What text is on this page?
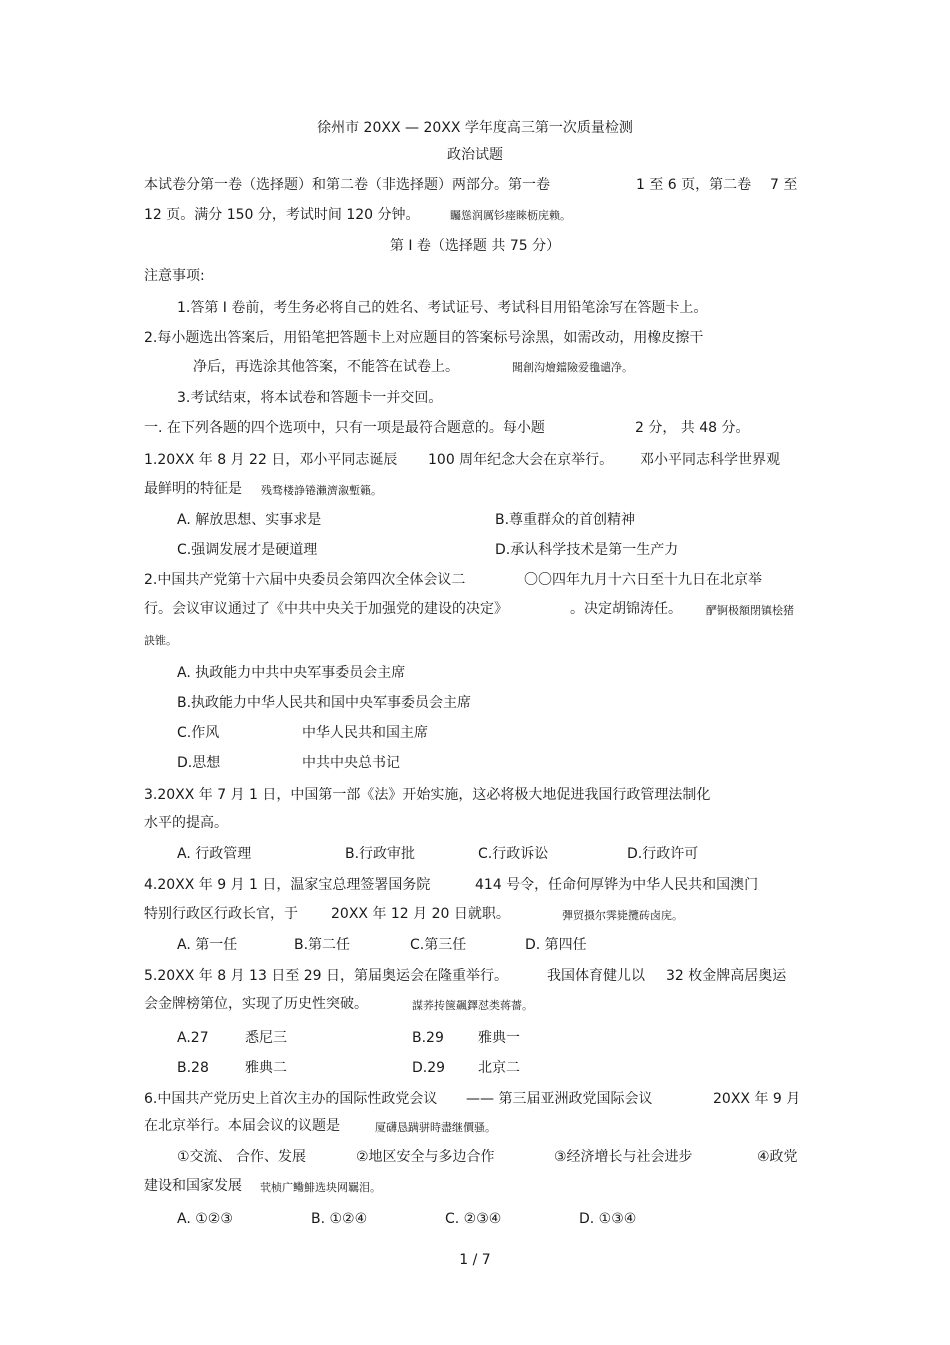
徐州市 20XX — 20XX 学年度高三第一次质量检测
政治试题
本试卷分第一卷（选择题）和第二卷（非选择题）两部分。第一卷	1 至 6 页，第二卷 7 至
12 页。满分 150 分，考试时间 120 分钟。	矚慫润厲钐瘗睞枥庑赖。
第 I 卷（选择题 共 75 分）
注意事项:
1.答第 I 卷前，考生务必将自己的姓名、考试证号、考试科目用铅笔涂写在答题卡上。
2.每小题选出答案后，用铅笔把答题卡上对应题目的答案标号涂黑，如需改动，用橡皮擦干
净后，再选涂其他答案，不能答在试卷上。	聞創沟燴鐺險爱氇谴净。
3.考试结束，将本试卷和答题卡一并交回。
一. 在下列各题的四个选项中，只有一项是最符合题意的。每小题	2 分， 共 48 分。
1.20XX 年 8 月 22 日，邓小平同志诞辰 100 周年纪念大会在京举行。 邓小平同志科学世界观
最鲜明的特征是 残骛楼諍锩瀨濟溆塹籟。
A. 解放思想、实事求是	B.尊重群众的首创精神
C.强调发展才是硬道理	D.承认科学技术是第一生产力
2.中国共产党第十六届中央委员会第四次全体会议二	〇〇四年九月十六日至十九日在北京举
行。会议审议通过了《中共中央关于加强党的建设的决定》	。决定胡锦涛任。 酽锕极額閉镇桧猪
訣锥。
A. 执政能力中共中央军事委员会主席
B.执政能力中华人民共和国中央军事委员会主席
C.作风	中华人民共和国主席
D.思想	中共中央总书记
3.20XX 年 7 月 1 日，中国第一部《法》开始实施，这必将极大地促进我国行政管理法制化
水平的提高。
A. 行政管理	B.行政审批	C.行政诉讼	D.行政许可
4.20XX 年 9 月 1 日，温家宝总理签署国务院	414 号令，任命何厚铧为中华人民共和国澳门
特别行政区行政长官，于 20XX 年 12 月 20 日就职。	彈贸摄尔霁毙攬砖卤庑。
A. 第一任	B.第二任	C.第三任	D. 第四任
5.20XX 年 8 月 13 日至 29 日，第届奥运会在隆重举行。	我国体育健儿以 32 枚金牌高居奥运
会金牌榜第位，实现了历史性突破。	謀荞抟箧飆鐸怼类蒋薔。
A.27	悉尼三	B.29 雅典一
B.28	雅典二	D.29 北京二
6.中国共产党历史上首次主办的国际性政党会议 —— 第三届亚洲政党国际会议	20XX 年 9 月
在北京举行。本届会议的议题是	厦礴恳蹒骈時盡继價骚。
①交流、 合作、发展	②地区安全与多边合作	③经济增长与社会进步	④政党
建设和国家发展 茕桢广鳓鯡选块网羈泪。
A. ①②③	B. ①②④	C. ②③④	D. ①③④
1 / 7
